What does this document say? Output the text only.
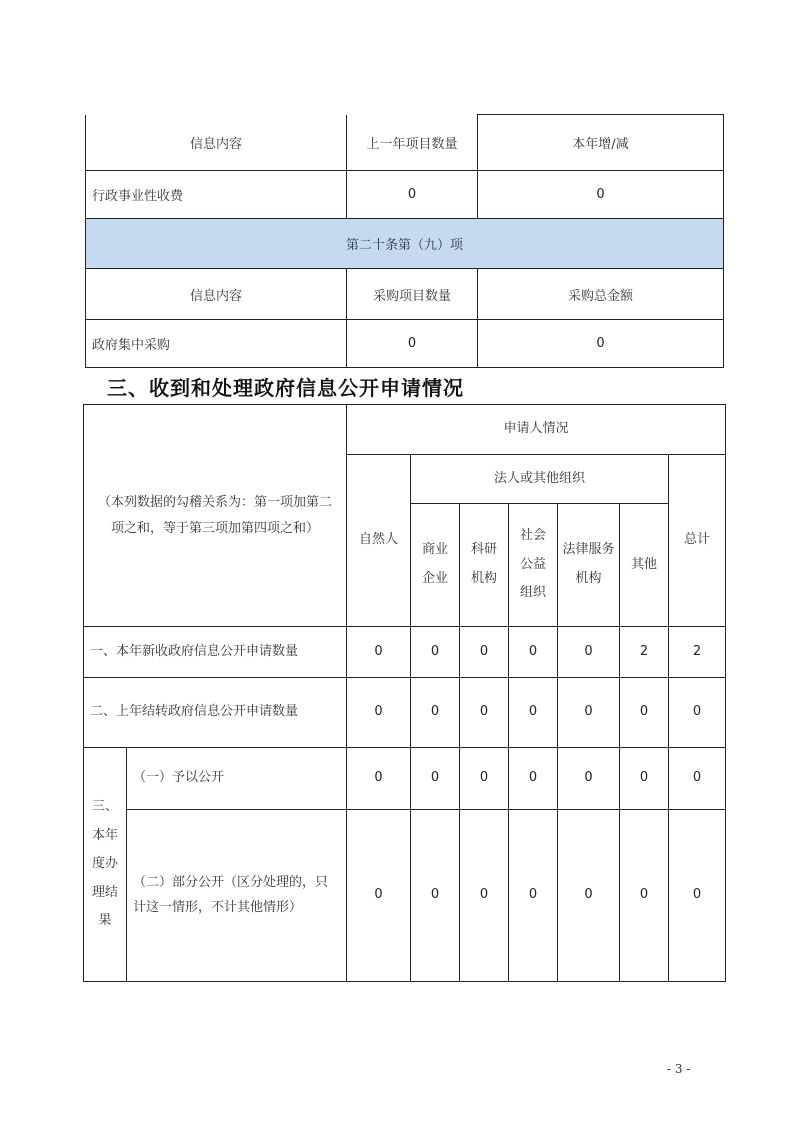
信息内容	上一年项目数量	本年增/减
行政事业性收费	0	0
第二十条第（九）项		
信息内容	采购项目数量	采购总金额
政府集中采购	0	0
三、收到和处理政府信息公开申请情况
（本列数据的勾稽关系为：第一项加第二项之和，等于第三项加第四项之和）		申请人情况						
		自然人	法人或其他组织					总计
			商业企业	科研机构	社会公益组织	法律服务机构	其他	
一、本年新收政府信息公开申请数量		0	0	0	0	0	2	2
二、上年结转政府信息公开申请数量		0	0	0	0	0	0	0
三、本年度办理结果	（一）予以公开	0	0	0	0	0	0	0
	（二）部分公开（区分处理的，只计这一情形，不计其他情形）	0	0	0	0	0	0	0
- 3 -
